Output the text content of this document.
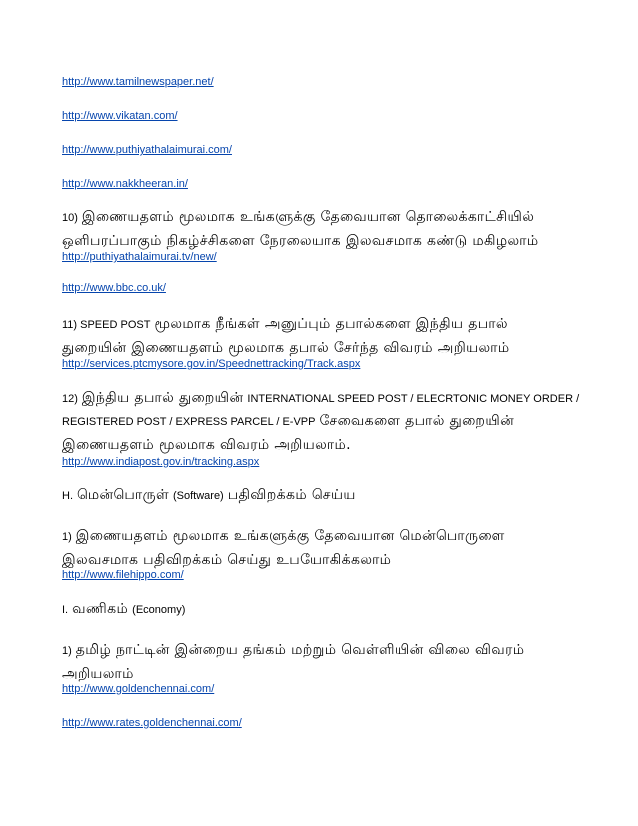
http://www.tamilnewspaper.net/
http://www.vikatan.com/
http://www.puthiyathalaimurai.com/
http://www.nakkheeran.in/
10) இணையதளம் மூலமாக உங்களுக்கு தேவையான தொலைக்காட்சியில்
ஒளிபரப்பாகும் நிகழ்ச்சிகளை நேரலையாக இலவசமாக கண்டு மகிழலாம்
http://puthiyathalaimurai.tv/new/
http://www.bbc.co.uk/
11) SPEED POST மூலமாக நீங்கள் அனுப்பும் தபால்களை இந்திய தபால்
துறையின் இணையதளம் மூலமாக தபால் சேர்ந்த விவரம் அறியலாம்
http://services.ptcmysore.gov.in/Speednettracking/Track.aspx
12) இந்திய தபால் துறையின் INTERNATIONAL SPEED POST / ELECRTONIC MONEY ORDER /
REGISTERED POST / EXPRESS PARCEL / E-VPP சேவைகளை தபால் துறையின்
இணையதளம் மூலமாக விவரம் அறியலாம்.
http://www.indiapost.gov.in/tracking.aspx
H. மென்பொருள் (Software) பதிவிறக்கம் செய்ய
1) இணையதளம் மூலமாக உங்களுக்கு தேவையான மென்பொருளை
இலவசமாக பதிவிறக்கம் செய்து உபயோகிக்கலாம்
http://www.filehippo.com/
I. வணிகம் (Economy)
1) தமிழ் நாட்டின் இன்றைய தங்கம் மற்றும் வெள்ளியின் விலை விவரம்
அறியலாம்
http://www.goldenchennai.com/
http://www.rates.goldenchennai.com/
